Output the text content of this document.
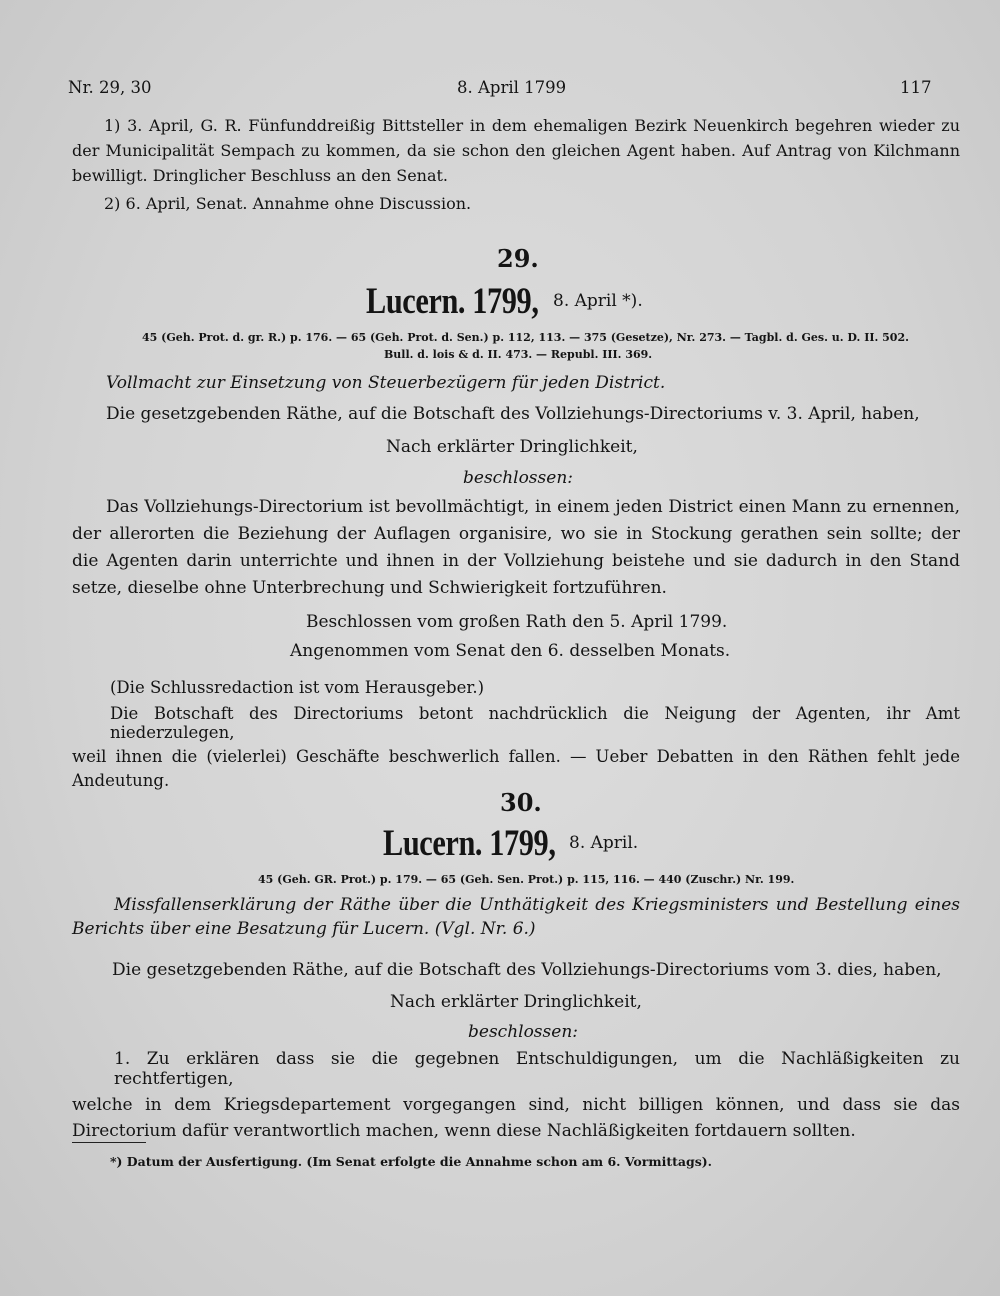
Nr. 29, 30	8. April 1799	117
1) 3. April, G. R. Fünfunddreißig Bittsteller in dem ehemaligen Bezirk Neuenkirch begehren wieder zu
der Municipalität Sempach zu kommen, da sie schon den gleichen Agent haben. Auf Antrag von Kilchmann
bewilligt. Dringlicher Beschluss an den Senat.
2) 6. April, Senat. Annahme ohne Discussion.
29.
Lucern. 1799, 8. April *).
45 (Geh. Prot. d. gr. R.) p. 176. — 65 (Geh. Prot. d. Sen.) p. 112, 113. — 375 (Gesetze), Nr. 273. — Tagbl. d. Ges. u. D. II. 502.
Bull. d. lois & d. II. 473. — Republ. III. 369.
Vollmacht zur Einsetzung von Steuerbezügern für jeden District.
Die gesetzgebenden Räthe, auf die Botschaft des Vollziehungs-Directoriums v. 3. April, haben,
Nach erklärter Dringlichkeit,
beschlossen:
Das Vollziehungs-Directorium ist bevollmächtigt, in einem jeden District einen Mann zu ernennen,
der allerorten die Beziehung der Auflagen organisire, wo sie in Stockung gerathen sein sollte; der
die Agenten darin unterrichte und ihnen in der Vollziehung beistehe und sie dadurch in den Stand
setze, dieselbe ohne Unterbrechung und Schwierigkeit fortzuführen.
Beschlossen vom großen Rath den 5. April 1799.
Angenommen vom Senat den 6. desselben Monats.
(Die Schlussredaction ist vom Herausgeber.)
Die Botschaft des Directoriums betont nachdrücklich die Neigung der Agenten, ihr Amt niederzulegen,
weil ihnen die (vielerlei) Geschäfte beschwerlich fallen. — Ueber Debatten in den Räthen fehlt jede
Andeutung.
30.
Lucern. 1799, 8. April.
45 (Geh. GR. Prot.) p. 179. — 65 (Geh. Sen. Prot.) p. 115, 116. — 440 (Zuschr.) Nr. 199.
Missfallenserklärung der Räthe über die Unthätigkeit des Kriegsministers und Bestellung eines
Berichts über eine Besatzung für Lucern. (Vgl. Nr. 6.)
Die gesetzgebenden Räthe, auf die Botschaft des Vollziehungs-Directoriums vom 3. dies, haben,
Nach erklärter Dringlichkeit,
beschlossen:
1. Zu erklären dass sie die gegebnen Entschuldigungen, um die Nachläßigkeiten zu rechtfertigen,
welche in dem Kriegsdepartement vorgegangen sind, nicht billigen können, und dass sie das
Directorium dafür verantwortlich machen, wenn diese Nachläßigkeiten fortdauern sollten.
*) Datum der Ausfertigung. (Im Senat erfolgte die Annahme schon am 6. Vormittags).
